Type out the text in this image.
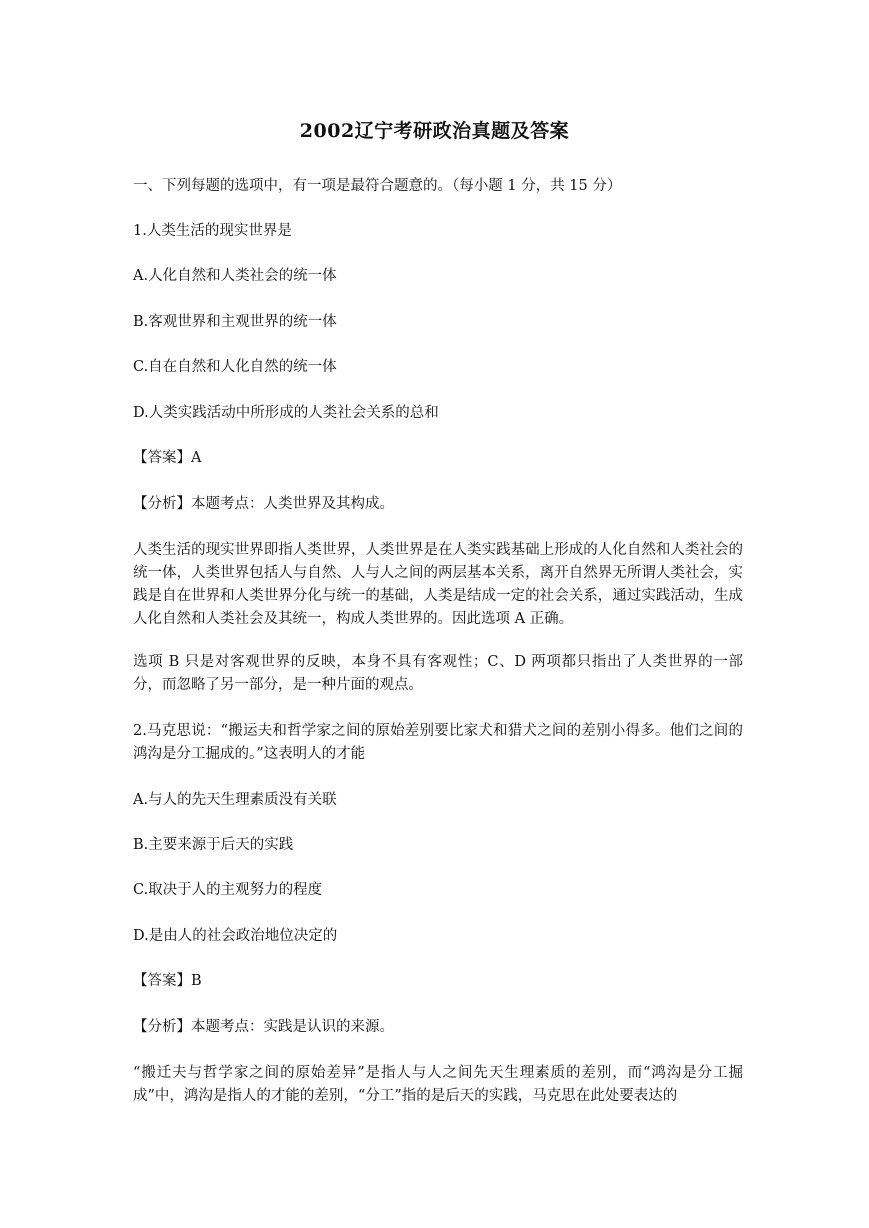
2002辽宁考研政治真题及答案
一、下列每题的选项中，有一项是最符合题意的。（每小题 1 分，共 15 分）
1.人类生活的现实世界是
A.人化自然和人类社会的统一体
B.客观世界和主观世界的统一体
C.自在自然和人化自然的统一体
D.人类实践活动中所形成的人类社会关系的总和
【答案】A
【分析】本题考点：人类世界及其构成。
人类生活的现实世界即指人类世界，人类世界是在人类实践基础上形成的人化自然和人类社会的统一体，人类世界包括人与自然、人与人之间的两层基本关系，离开自然界无所谓人类社会，实践是自在世界和人类世界分化与统一的基础，人类是结成一定的社会关系，通过实践活动，生成人化自然和人类社会及其统一，构成人类世界的。因此选项 A 正确。
选项 B 只是对客观世界的反映，本身不具有客观性；C、D 两项都只指出了人类世界的一部分，而忽略了另一部分，是一种片面的观点。
2.马克思说：“搬运夫和哲学家之间的原始差别要比家犬和猎犬之间的差别小得多。他们之间的鸿沟是分工掘成的。”这表明人的才能
A.与人的先天生理素质没有关联
B.主要来源于后天的实践
C.取决于人的主观努力的程度
D.是由人的社会政治地位决定的
【答案】B
【分析】本题考点：实践是认识的来源。
“搬迁夫与哲学家之间的原始差异”是指人与人之间先天生理素质的差别，而“鸿沟是分工掘成”中，鸿沟是指人的才能的差别，“分工”指的是后天的实践，马克思在此处要表达的
